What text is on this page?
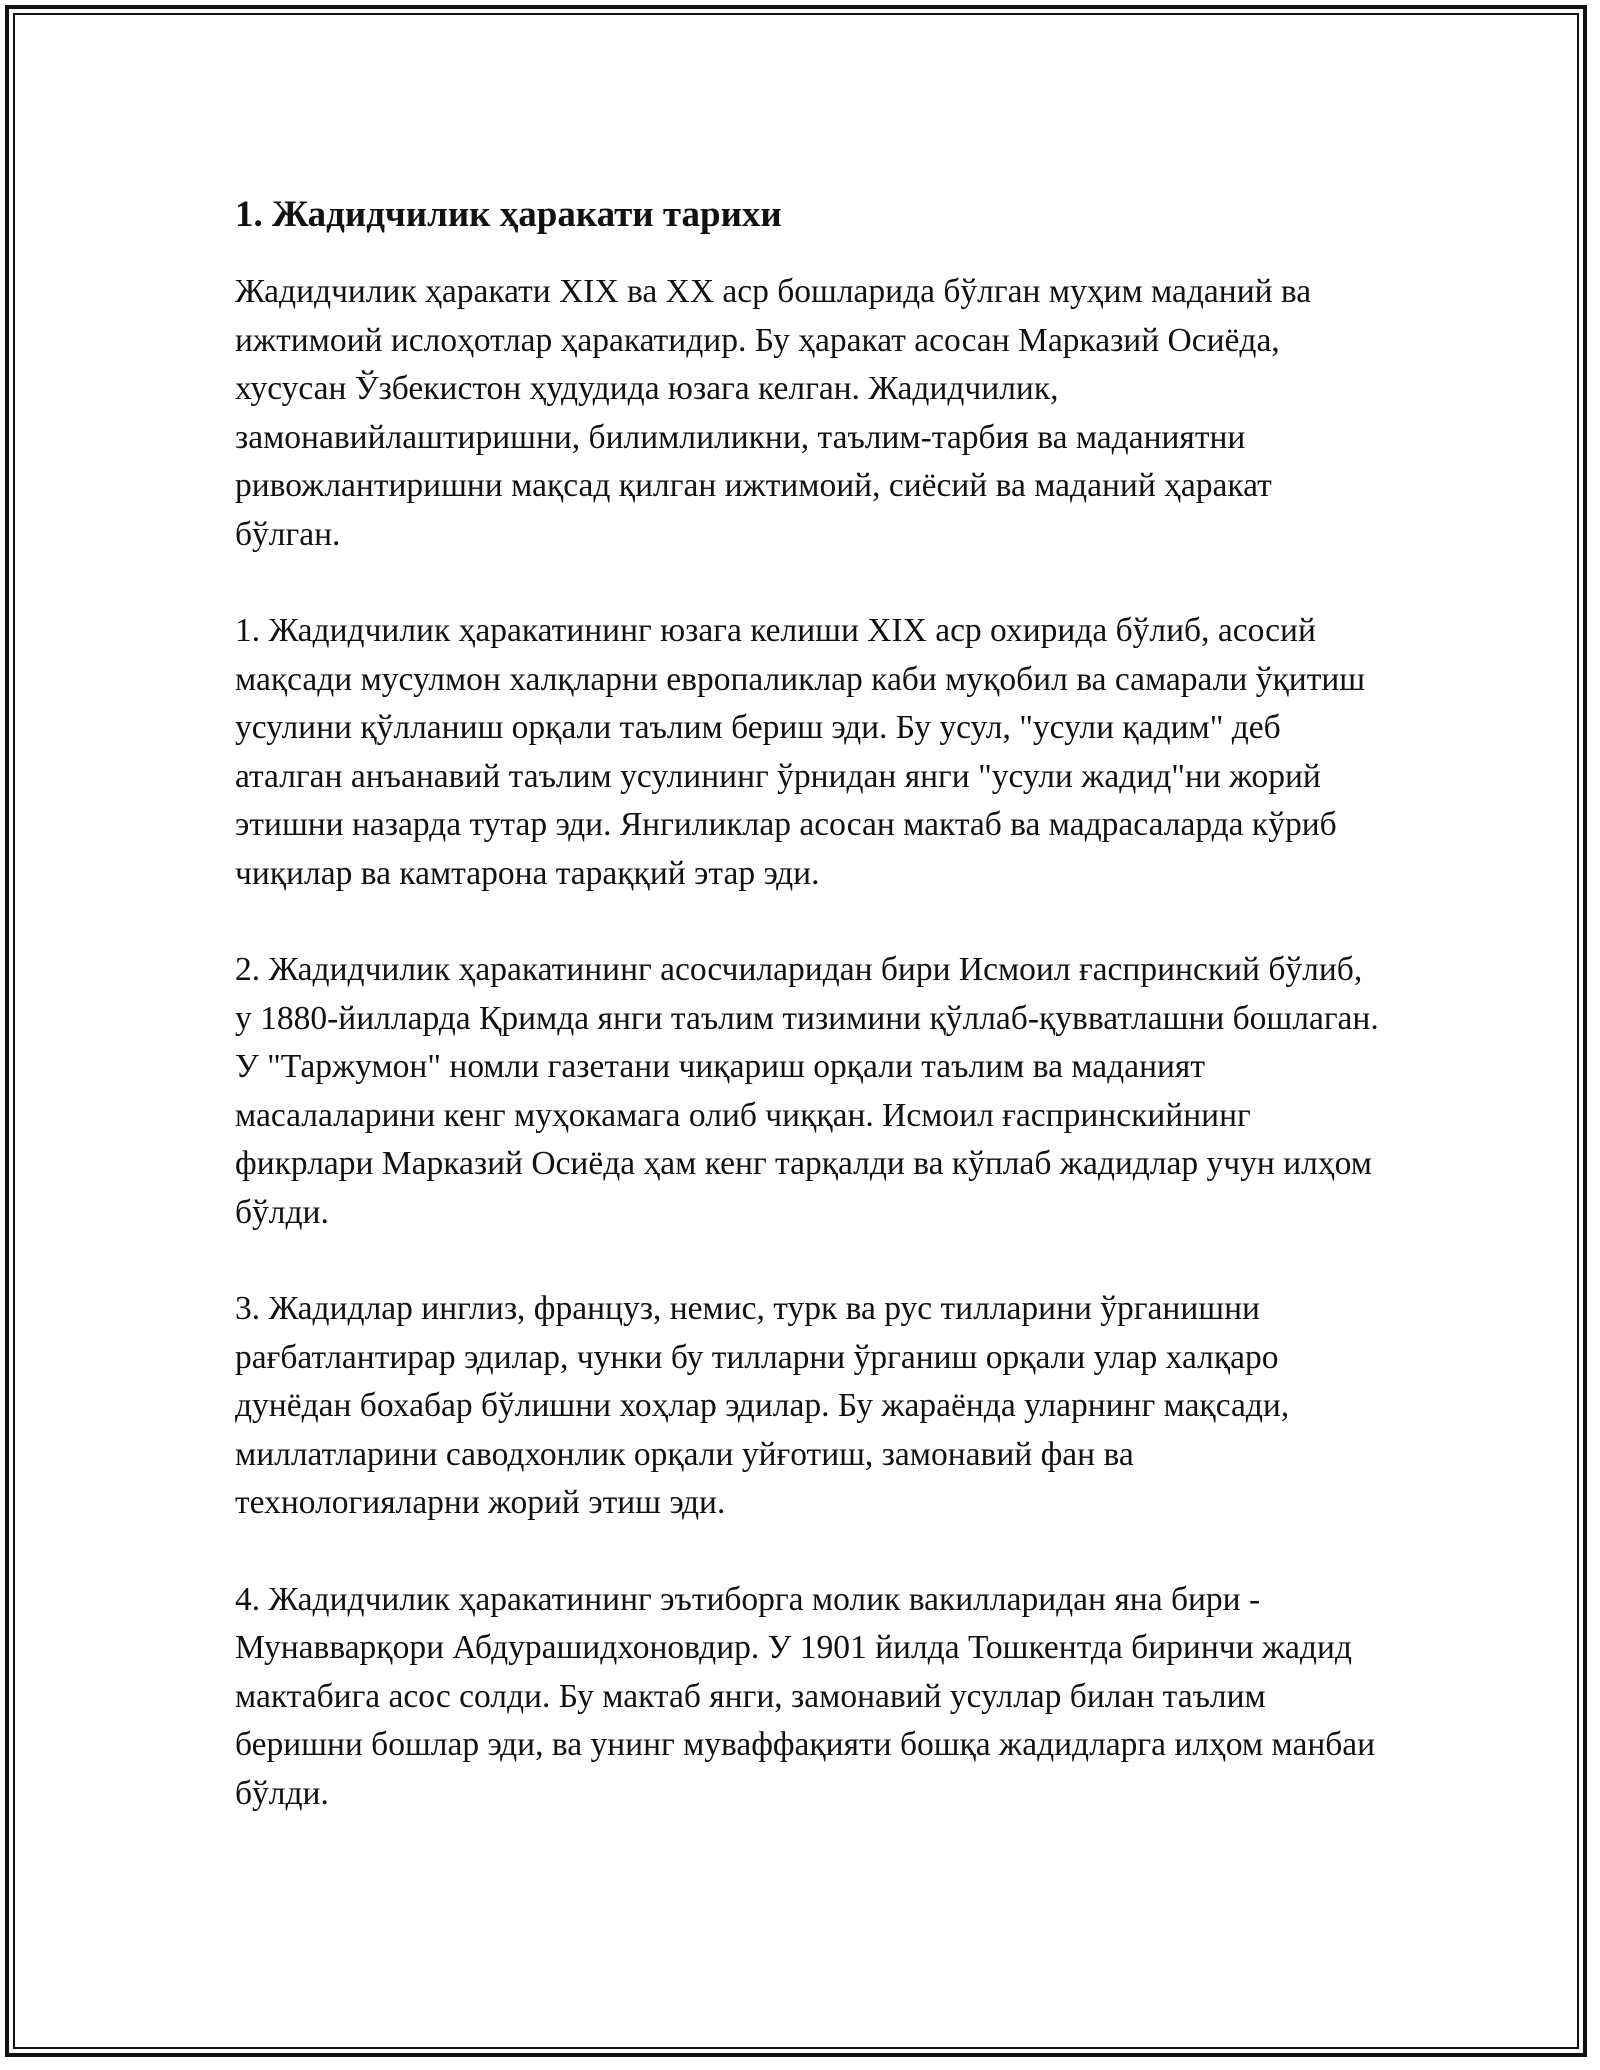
1. Жадидчилик ҳаракати тарихи

Жадидчилик ҳаракати XIX ва XX аср бошларида бўлган муҳим маданий ва ижтимоий ислоҳотлар ҳаракатидир. Бу ҳаракат асосан Марказий Осиёда, хусусан Ўзбекистон ҳудудида юзага келган. Жадидчилик, замонавийлаштиришни, билимлиликни, таълим-тарбия ва маданиятни ривожлантиришни мақсад қилган ижтимоий, сиёсий ва маданий ҳаракат бўлган.

1. Жадидчилик ҳаракатининг юзага келиши XIX аср охирида бўлиб, асосий мақсади мусулмон халқларни европаликлар каби муқобил ва самарали ўқитиш усулини қўлланиш орқали таълим бериш эди. Бу усул, "усули қадим" деб аталган анъанавий таълим усулининг ўрнидан янги "усули жадид"ни жорий этишни назарда тутар эди. Янгиликлар асосан мактаб ва мадрасаларда кўриб чиқилар ва камтарона тараққий этар эди.

2. Жадидчилик ҳаракатининг асосчиларидан бири Исмоил ғаспринский бўлиб, у 1880-йилларда Қримда янги таълим тизимини қўллаб-қувватлашни бошлаган. У "Таржумон" номли газетани чиқариш орқали таълим ва маданият масалаларини кенг муҳокамага олиб чиққан. Исмоил ғаспринскийнинг фикрлари Марказий Осиёда ҳам кенг тарқалди ва кўплаб жадидлар учун илҳом бўлди.

3. Жадидлар инглиз, француз, немис, турк ва рус тилларини ўрганишни рағбатлантирар эдилар, чунки бу тилларни ўрганиш орқали улар халқаро дунёдан бохабар бўлишни хоҳлар эдилар. Бу жараёнда уларнинг мақсади, миллатларини саводхонлик орқали уйғотиш, замонавий фан ва технологияларни жорий этиш эди.

4. Жадидчилик ҳаракатининг эътиборга молик вакилларидан яна бири - Мунавварқори Абдурашидхоновдир. У 1901 йилда Тошкентда биринчи жадид мактабига асос солди. Бу мактаб янги, замонавий усуллар билан таълим беришни бошлар эди, ва унинг муваффақияти бошқа жадидларга илҳом манбаи бўлди.
